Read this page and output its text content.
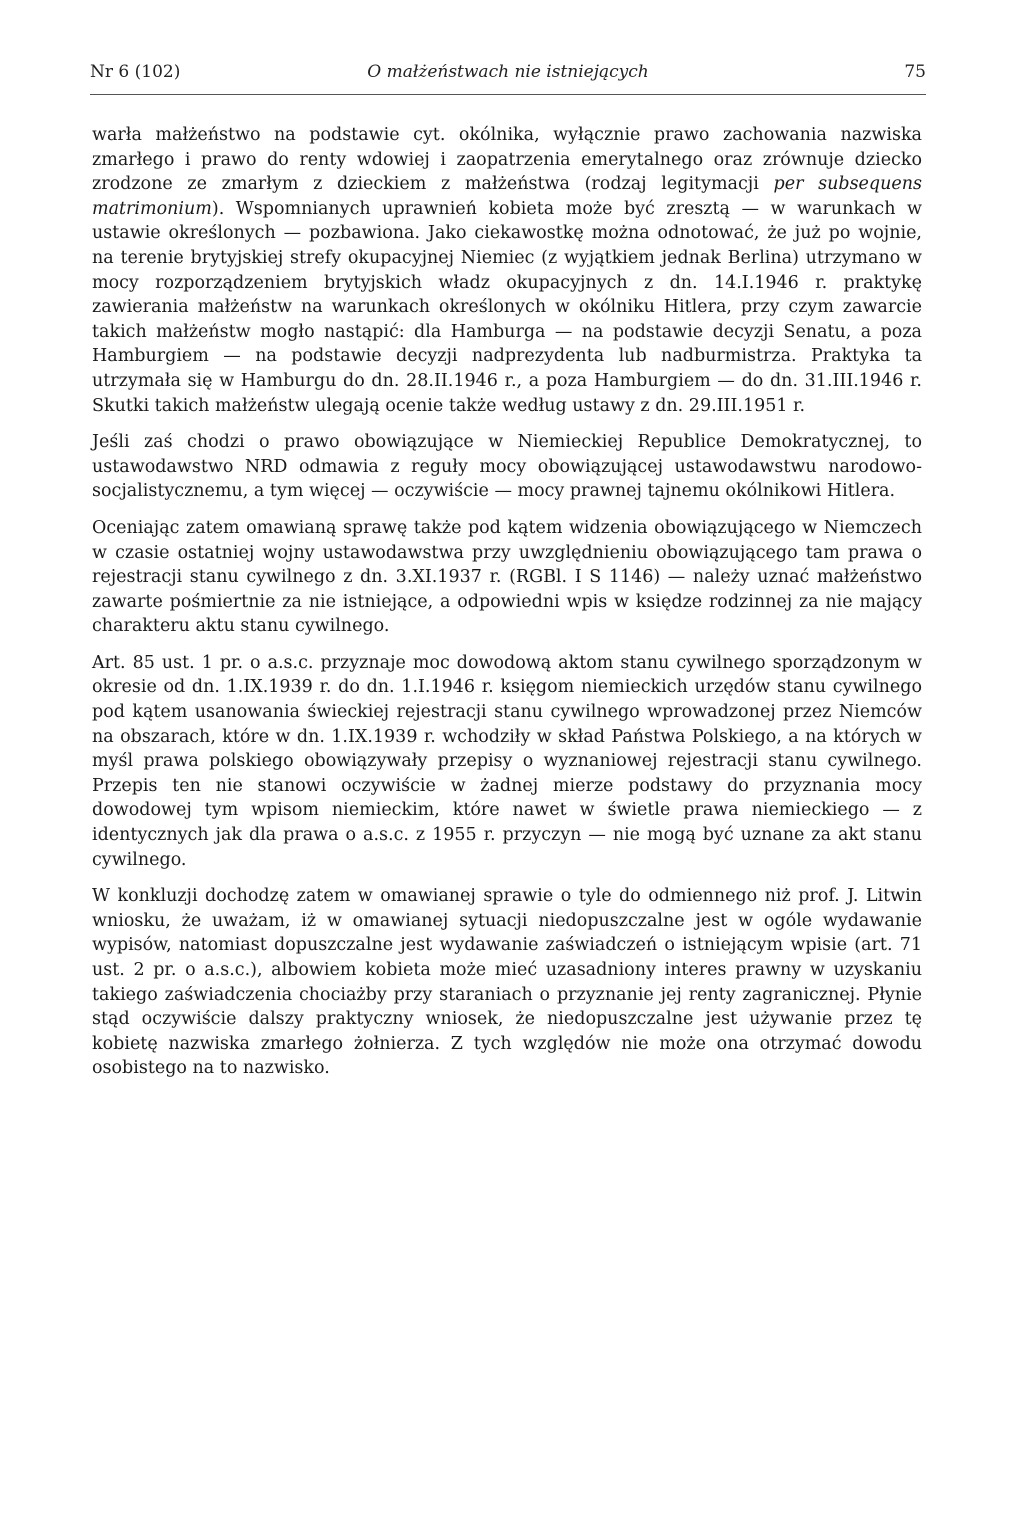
Nr 6 (102)	O małżeństwach nie istniejących	75

warła małżeństwo na podstawie cyt. okólnika, wyłącznie prawo zachowania nazwiska zmarłego i prawo do renty wdowiej i zaopatrzenia emerytalnego oraz zrównuje dziecko zrodzone ze zmarłym z dzieckiem z małżeństwa (rodzaj legitymacji per subsequens matrimonium). Wspomnianych uprawnień kobieta może być zresztą — w warunkach w ustawie określonych — pozbawiona. Jako ciekawostkę można odnotować, że już po wojnie, na terenie brytyjskiej strefy okupacyjnej Niemiec (z wyjątkiem jednak Berlina) utrzymano w mocy rozporządzeniem brytyjskich władz okupacyjnych z dn. 14.I.1946 r. praktykę zawierania małżeństw na warunkach określonych w okólniku Hitlera, przy czym zawarcie takich małżeństw mogło nastąpić: dla Hamburga — na podstawie decyzji Senatu, a poza Hamburgiem — na podstawie decyzji nadprezydenta lub nadburmistrza. Praktyka ta utrzymała się w Hamburgu do dn. 28.II.1946 r., a poza Hamburgiem — do dn. 31.III.1946 r. Skutki takich małżeństw ulegają ocenie także według ustawy z dn. 29.III.1951 r.

Jeśli zaś chodzi o prawo obowiązujące w Niemieckiej Republice Demokratycznej, to ustawodawstwo NRD odmawia z reguły mocy obowiązującej ustawodawstwu narodowo-socjalistycznemu, a tym więcej — oczywiście — mocy prawnej tajnemu okólnikowi Hitlera.

Oceniając zatem omawianą sprawę także pod kątem widzenia obowiązującego w Niemczech w czasie ostatniej wojny ustawodawstwa przy uwzględnieniu obowiązującego tam prawa o rejestracji stanu cywilnego z dn. 3.XI.1937 r. (RGBl. I S 1146) — należy uznać małżeństwo zawarte pośmiertnie za nie istniejące, a odpowiedni wpis w księdze rodzinnej za nie mający charakteru aktu stanu cywilnego.

Art. 85 ust. 1 pr. o a.s.c. przyznaje moc dowodową aktom stanu cywilnego sporządzonym w okresie od dn. 1.IX.1939 r. do dn. 1.I.1946 r. księgom niemieckich urzędów stanu cywilnego pod kątem usanowania świeckiej rejestracji stanu cywilnego wprowadzonej przez Niemców na obszarach, które w dn. 1.IX.1939 r. wchodziły w skład Państwa Polskiego, a na których w myśl prawa polskiego obowiązywały przepisy o wyznaniowej rejestracji stanu cywilnego. Przepis ten nie stanowi oczywiście w żadnej mierze podstawy do przyznania mocy dowodowej tym wpisom niemieckim, które nawet w świetle prawa niemieckiego — z identycznych jak dla prawa o a.s.c. z 1955 r. przyczyn — nie mogą być uznane za akt stanu cywilnego.

W konkluzji dochodzę zatem w omawianej sprawie o tyle do odmiennego niż prof. J. Litwin wniosku, że uważam, iż w omawianej sytuacji niedopuszczalne jest w ogóle wydawanie wypisów, natomiast dopuszczalne jest wydawanie zaświadczeń o istniejącym wpisie (art. 71 ust. 2 pr. o a.s.c.), albowiem kobieta może mieć uzasadniony interes prawny w uzyskaniu takiego zaświadczenia chociażby przy staraniach o przyznanie jej renty zagranicznej. Płynie stąd oczywiście dalszy praktyczny wniosek, że niedopuszczalne jest używanie przez tę kobietę nazwiska zmarłego żołnierza. Z tych względów nie może ona otrzymać dowodu osobistego na to nazwisko.
